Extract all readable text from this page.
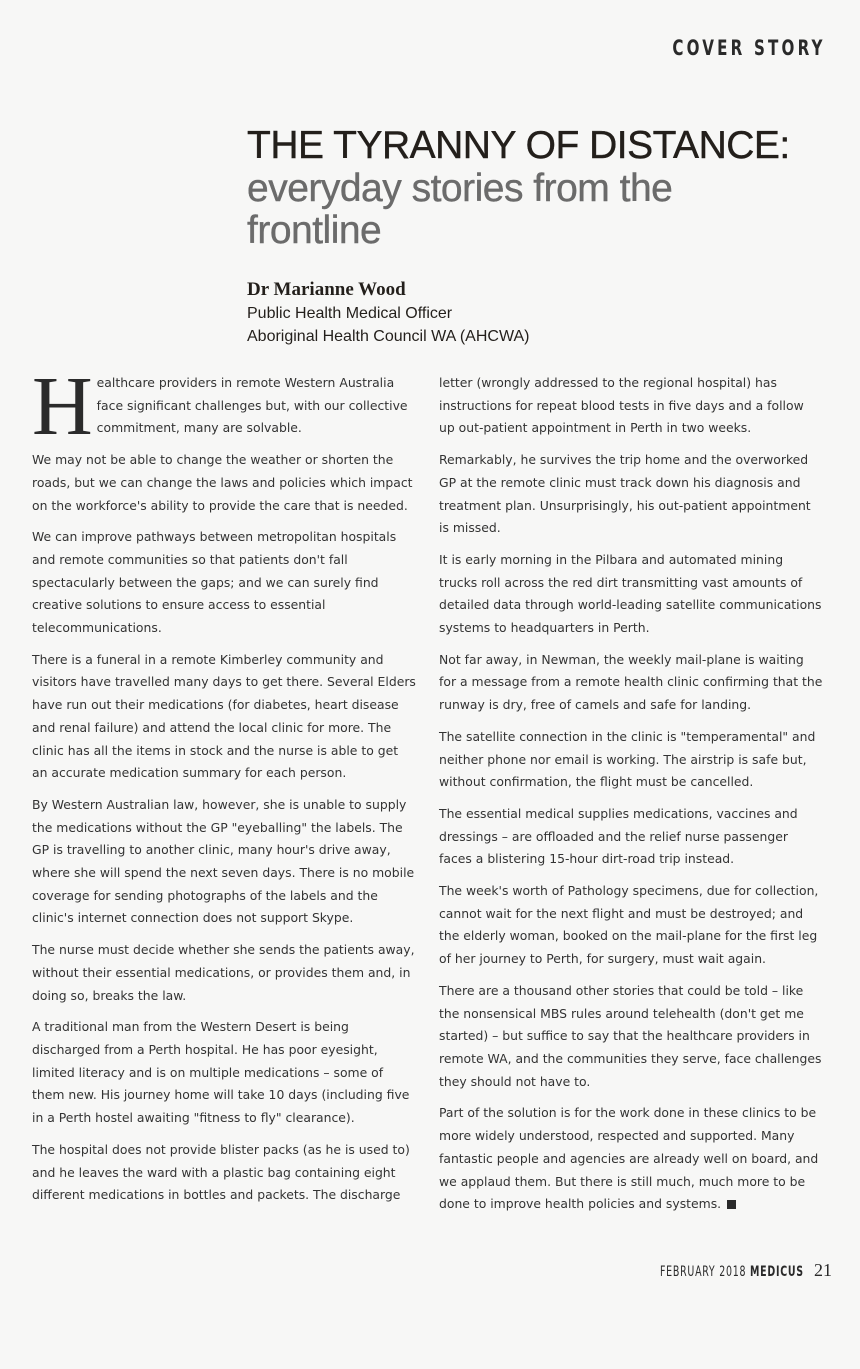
COVER STORY
THE TYRANNY OF DISTANCE:
everyday stories from the
frontline
Dr Marianne Wood
Public Health Medical Officer
Aboriginal Health Council WA (AHCWA)
H ealthcare providers in remote Western Australia face significant challenges but, with our collective commitment, many are solvable.

We may not be able to change the weather or shorten the roads, but we can change the laws and policies which impact on the workforce's ability to provide the care that is needed.

We can improve pathways between metropolitan hospitals and remote communities so that patients don't fall spectacularly between the gaps; and we can surely find creative solutions to ensure access to essential telecommunications.

There is a funeral in a remote Kimberley community and visitors have travelled many days to get there. Several Elders have run out their medications (for diabetes, heart disease and renal failure) and attend the local clinic for more. The clinic has all the items in stock and the nurse is able to get an accurate medication summary for each person.

By Western Australian law, however, she is unable to supply the medications without the GP "eyeballing" the labels. The GP is travelling to another clinic, many hour's drive away, where she will spend the next seven days. There is no mobile coverage for sending photographs of the labels and the clinic's internet connection does not support Skype.

The nurse must decide whether she sends the patients away, without their essential medications, or provides them and, in doing so, breaks the law.

A traditional man from the Western Desert is being discharged from a Perth hospital. He has poor eyesight, limited literacy and is on multiple medications – some of them new. His journey home will take 10 days (including five in a Perth hostel awaiting "fitness to fly" clearance).

The hospital does not provide blister packs (as he is used to) and he leaves the ward with a plastic bag containing eight different medications in bottles and packets. The discharge

letter (wrongly addressed to the regional hospital) has instructions for repeat blood tests in five days and a follow up out-patient appointment in Perth in two weeks.

Remarkably, he survives the trip home and the overworked GP at the remote clinic must track down his diagnosis and treatment plan. Unsurprisingly, his out-patient appointment is missed.

It is early morning in the Pilbara and automated mining trucks roll across the red dirt transmitting vast amounts of detailed data through world-leading satellite communications systems to headquarters in Perth.

Not far away, in Newman, the weekly mail-plane is waiting for a message from a remote health clinic confirming that the runway is dry, free of camels and safe for landing.

The satellite connection in the clinic is "temperamental" and neither phone nor email is working. The airstrip is safe but, without confirmation, the flight must be cancelled.

The essential medical supplies medications, vaccines and dressings – are offloaded and the relief nurse passenger faces a blistering 15-hour dirt-road trip instead.

The week's worth of Pathology specimens, due for collection, cannot wait for the next flight and must be destroyed; and the elderly woman, booked on the mail-plane for the first leg of her journey to Perth, for surgery, must wait again.

There are a thousand other stories that could be told – like the nonsensical MBS rules around telehealth (don't get me started) – but suffice to say that the healthcare providers in remote WA, and the communities they serve, face challenges they should not have to.

Part of the solution is for the work done in these clinics to be more widely understood, respected and supported. Many fantastic people and agencies are already well on board, and we applaud them. But there is still much, much more to be done to improve health policies and systems.

FEBRUARY 2018 MEDICUS 21
